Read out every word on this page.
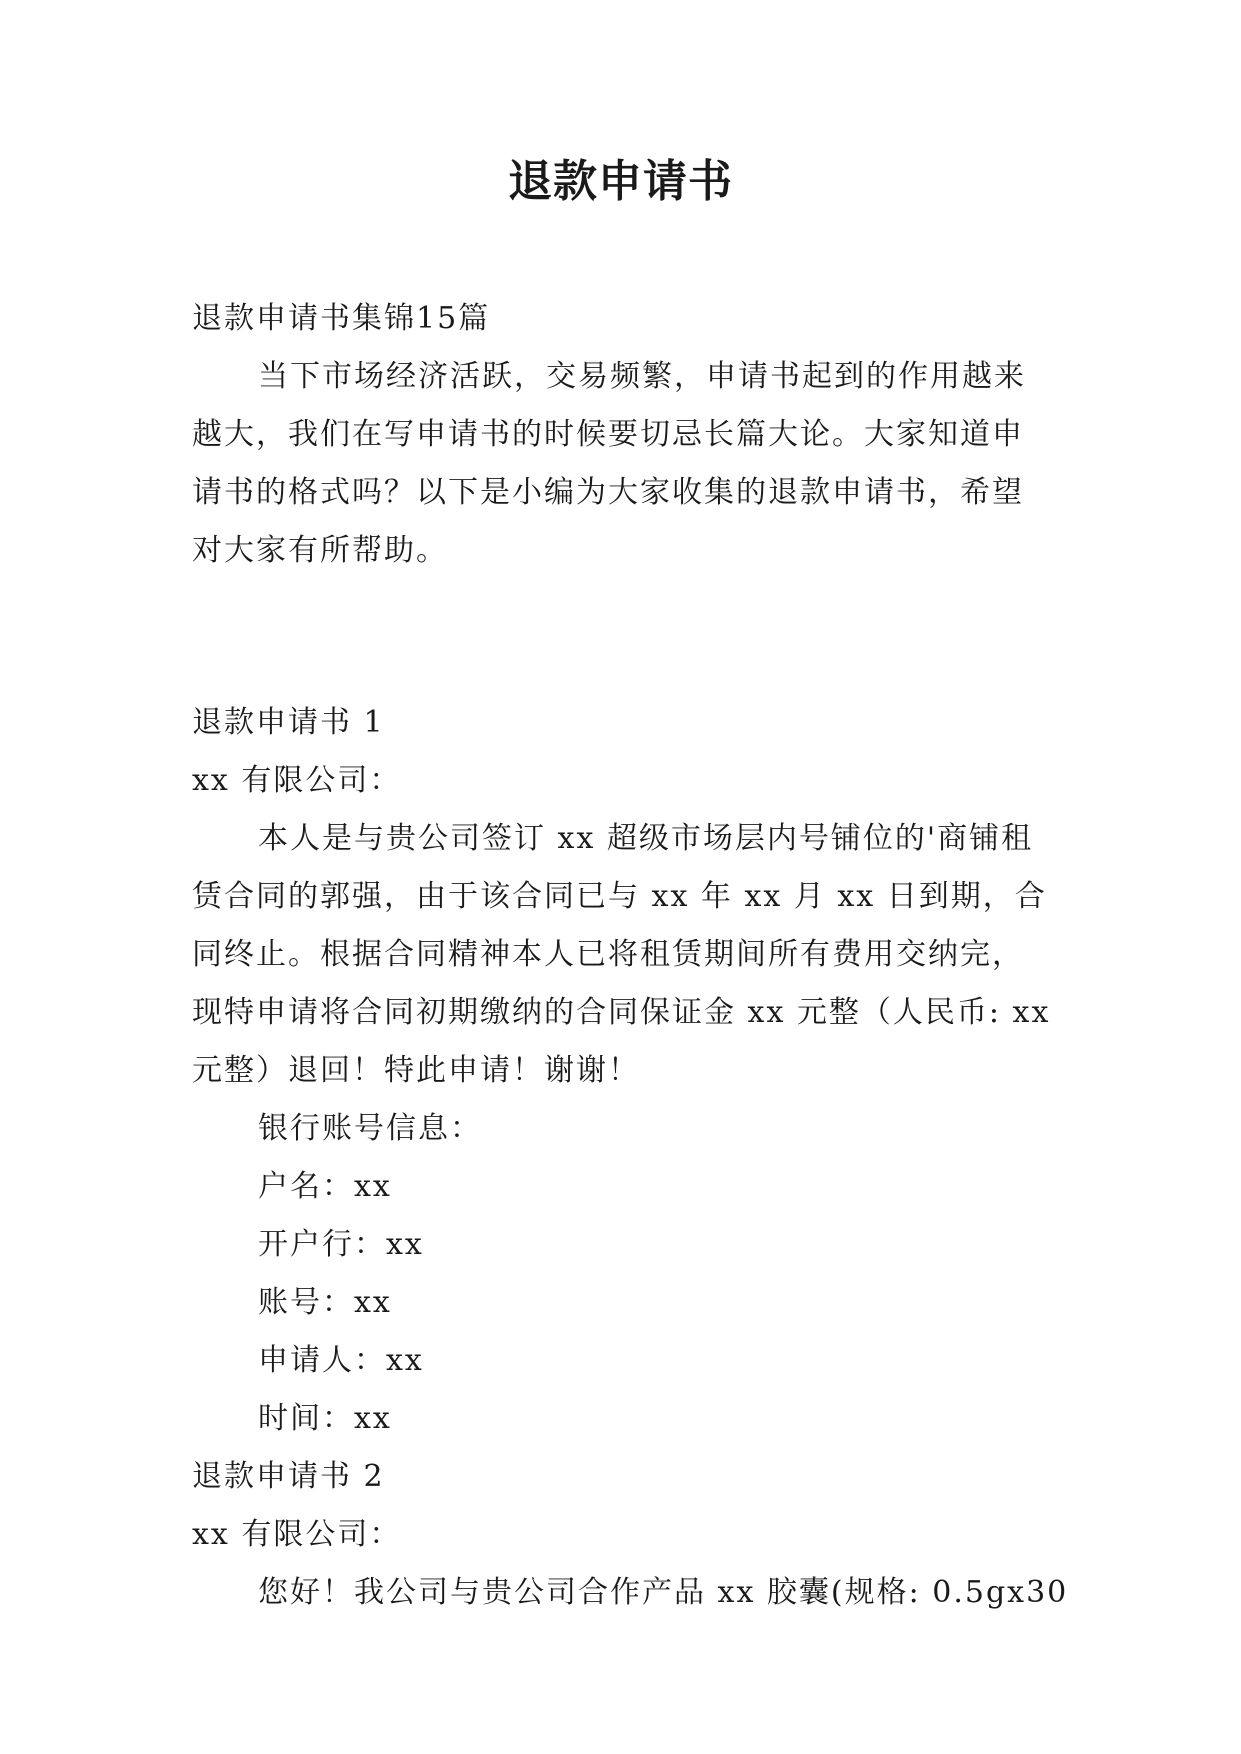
退款申请书
退款申请书集锦15篇
当下市场经济活跃，交易频繁，申请书起到的作用越来
越大，我们在写申请书的时候要切忌长篇大论。大家知道申
请书的格式吗？以下是小编为大家收集的退款申请书，希望
对大家有所帮助。
退款申请书 1
xx 有限公司：
本人是与贵公司签订 xx 超级市场层内号铺位的'商铺租
赁合同的郭强，由于该合同已与 xx 年 xx 月 xx 日到期，合
同终止。根据合同精神本人已将租赁期间所有费用交纳完，
现特申请将合同初期缴纳的合同保证金 xx 元整（人民币: xx
元整）退回！特此申请！谢谢！
银行账号信息：
户名：xx
开户行：xx
账号：xx
申请人：xx
时间：xx
退款申请书 2
xx 有限公司：
您好！我公司与贵公司合作产品 xx 胶囊(规格: 0.5gx30
